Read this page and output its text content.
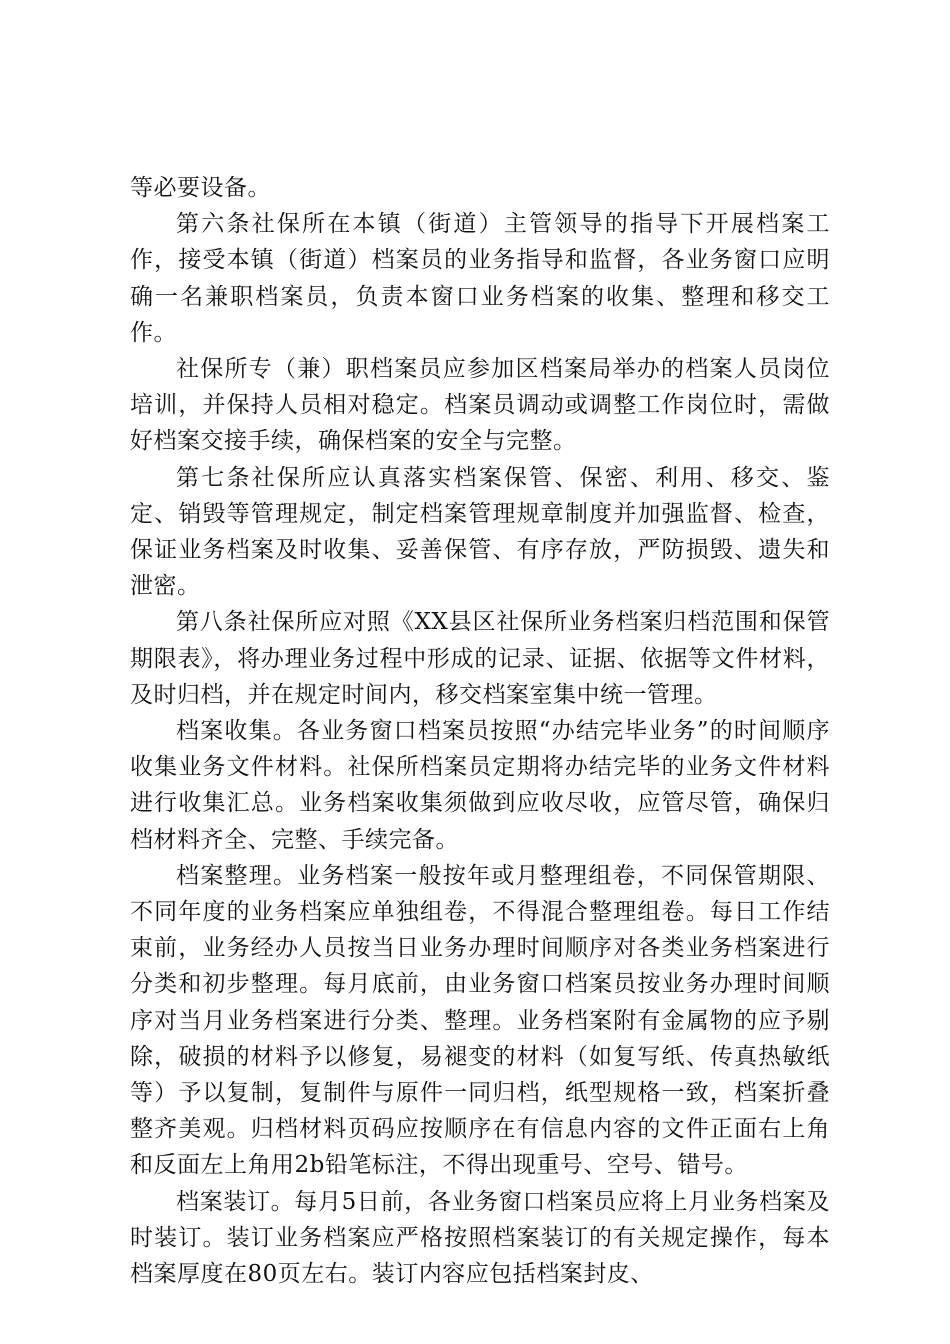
等必要设备。

第六条社保所在本镇（街道）主管领导的指导下开展档案工作，接受本镇（街道）档案员的业务指导和监督，各业务窗口应明确一名兼职档案员，负责本窗口业务档案的收集、整理和移交工作。

社保所专（兼）职档案员应参加区档案局举办的档案人员岗位培训，并保持人员相对稳定。档案员调动或调整工作岗位时，需做好档案交接手续，确保档案的安全与完整。

第七条社保所应认真落实档案保管、保密、利用、移交、鉴定、销毁等管理规定，制定档案管理规章制度并加强监督、检查，保证业务档案及时收集、妥善保管、有序存放，严防损毁、遗失和泄密。

第八条社保所应对照《XX县区社保所业务档案归档范围和保管期限表》，将办理业务过程中形成的记录、证据、依据等文件材料，及时归档，并在规定时间内，移交档案室集中统一管理。

档案收集。各业务窗口档案员按照“办结完毕业务”的时间顺序收集业务文件材料。社保所档案员定期将办结完毕的业务文件材料进行收集汇总。业务档案收集须做到应收尽收，应管尽管，确保归档材料齐全、完整、手续完备。

档案整理。业务档案一般按年或月整理组卷，不同保管期限、不同年度的业务档案应单独组卷，不得混合整理组卷。每日工作结束前，业务经办人员按当日业务办理时间顺序对各类业务档案进行分类和初步整理。每月底前，由业务窗口档案员按业务办理时间顺序对当月业务档案进行分类、整理。业务档案附有金属物的应予剔除，破损的材料予以修复，易褪变的材料（如复写纸、传真热敏纸等）予以复制，复制件与原件一同归档，纸型规格一致，档案折叠整齐美观。归档材料页码应按顺序在有信息内容的文件正面右上角和反面左上角用2b铅笔标注，不得出现重号、空号、错号。

档案装订。每月5日前，各业务窗口档案员应将上月业务档案及时装订。装订业务档案应严格按照档案装订的有关规定操作，每本档案厚度在80页左右。装订内容应包括档案封皮、
